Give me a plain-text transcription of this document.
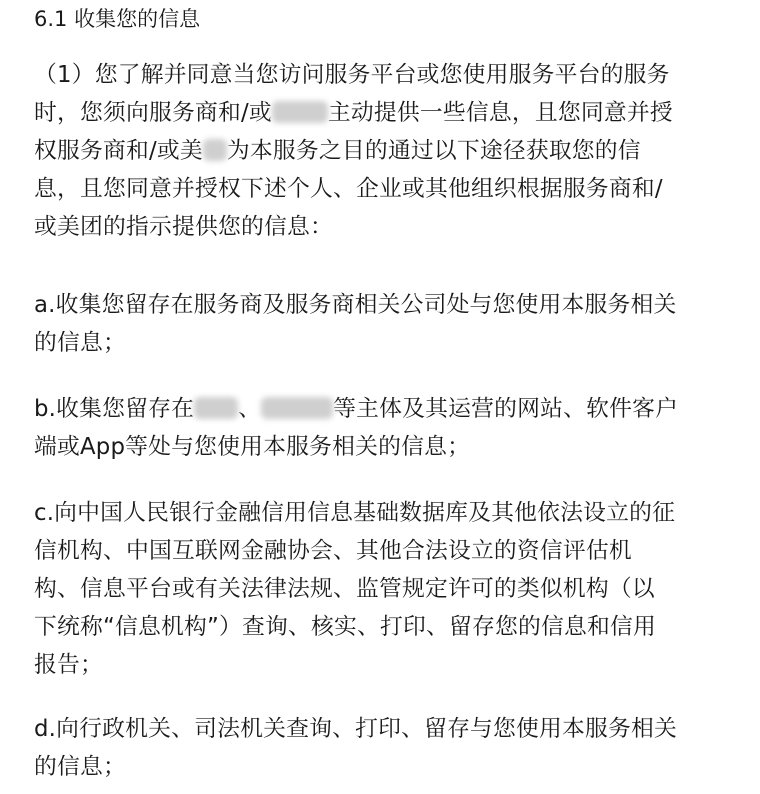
6.1 收集您的信息

（1）您了解并同意当您访问服务平台或您使用服务平台的服务
时，您须向服务商和/或 主动提供一些信息，且您同意并授
权服务商和/或美 为本服务之目的通过以下途径获取您的信
息，且您同意并授权下述个人、企业或其他组织根据服务商和/
或美团的指示提供您的信息：

a.收集您留存在服务商及服务商相关公司处与您使用本服务相关
的信息；

b.收集您留存在 、	等主体及其运营的网站、软件客户
端或App等处与您使用本服务相关的信息；

c.向中国人民银行金融信用信息基础数据库及其他依法设立的征
信机构、中国互联网金融协会、其他合法设立的资信评估机
构、信息平台或有关法律法规、监管规定许可的类似机构（以
下统称“信息机构”）查询、核实、打印、留存您的信息和信用
报告；

d.向行政机关、司法机关查询、打印、留存与您使用本服务相关
的信息；
